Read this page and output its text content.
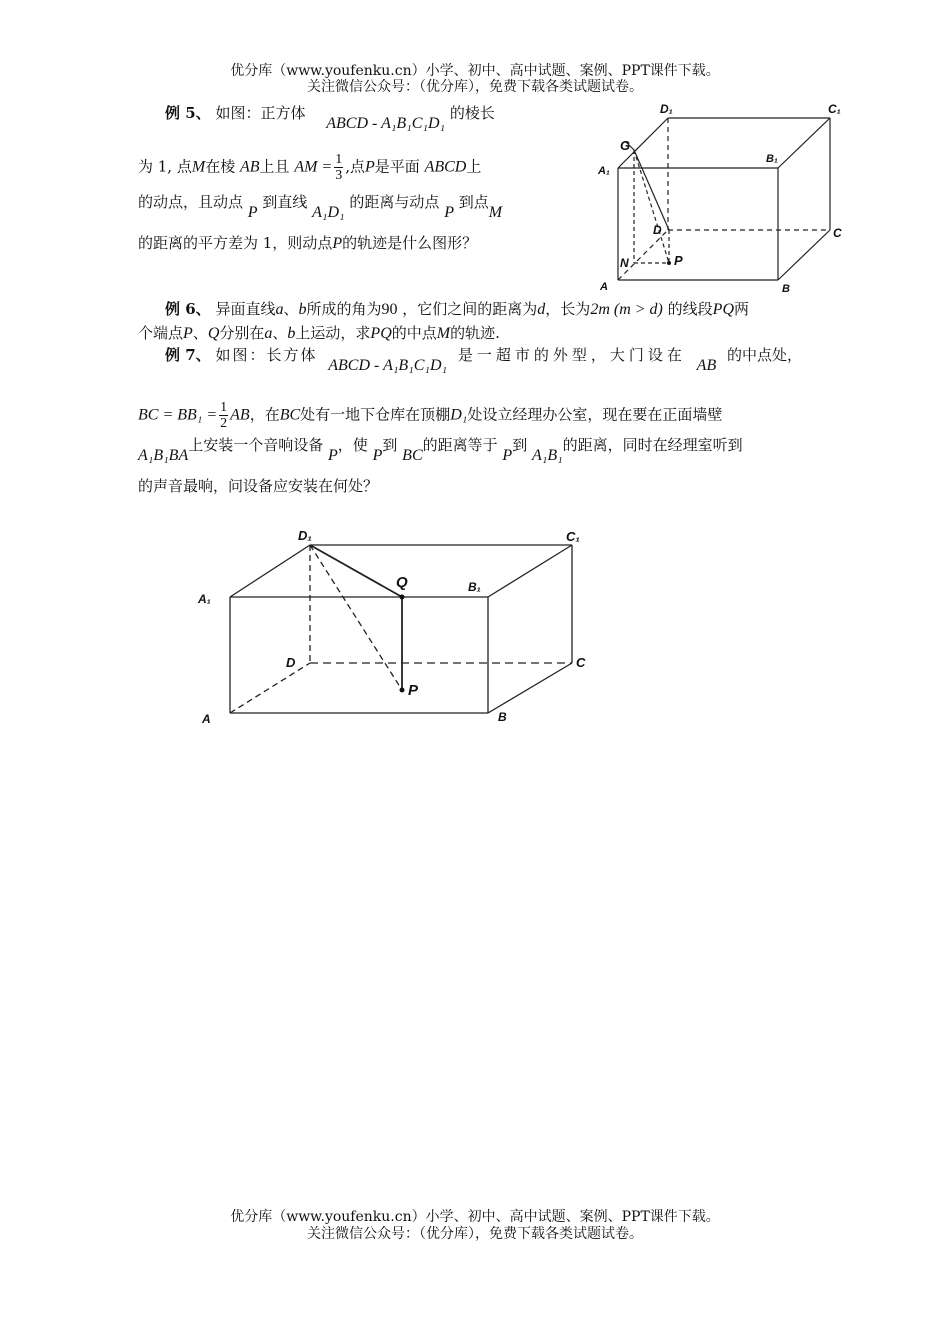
优分库（www.youfenku.cn）小学、初中、高中试题、案例、PPT课件下载。
关注微信公众号：（优分库），免费下载各类试题试卷。
例 5、 如图：正方体 ABCD - A₁B₁C₁D₁ 的棱长
为 1, 点M在棱 AB上且 AM = $\frac{1}{3}$ ,点P是平面 ABCD上
的动点，且动点 P 到直线 A₁D₁ 的距离与动点 P 到点M
的距离的平方差为 1，则动点P的轨迹是什么图形？
D₁	C₁
G
B₁
A₁
D	C
N	P
A	B
例 6、 异面直线a、b所成的角为90 ，它们之间的距离为d，长为2m (m > d) 的线段PQ两
个端点P、Q分别在a、b上运动，求PQ的中点M的轨迹.
例 7、 如图：长方体 ABCD - A₁B₁C₁D₁ 是一超市的外型，大门设在 AB 的中点处，
BC = $BB_1 = \frac{1}{2}$ AB，在BC处有一地下仓库在顶棚D₁处设立经理办公室，现在要在正面墙壁
A₁B₁BA上安装一个音响设备 P，使 P到 BC的距离等于 P到 A₁B₁的距离，同时在经理室听到
的声音最响，问设备应安装在何处？
D₁	C₁
Q
A₁
B₁
D	C
P
A	B
优分库（www.youfenku.cn）小学、初中、高中试题、案例、PPT课件下载。
关注微信公众号：（优分库），免费下载各类试题试卷。
